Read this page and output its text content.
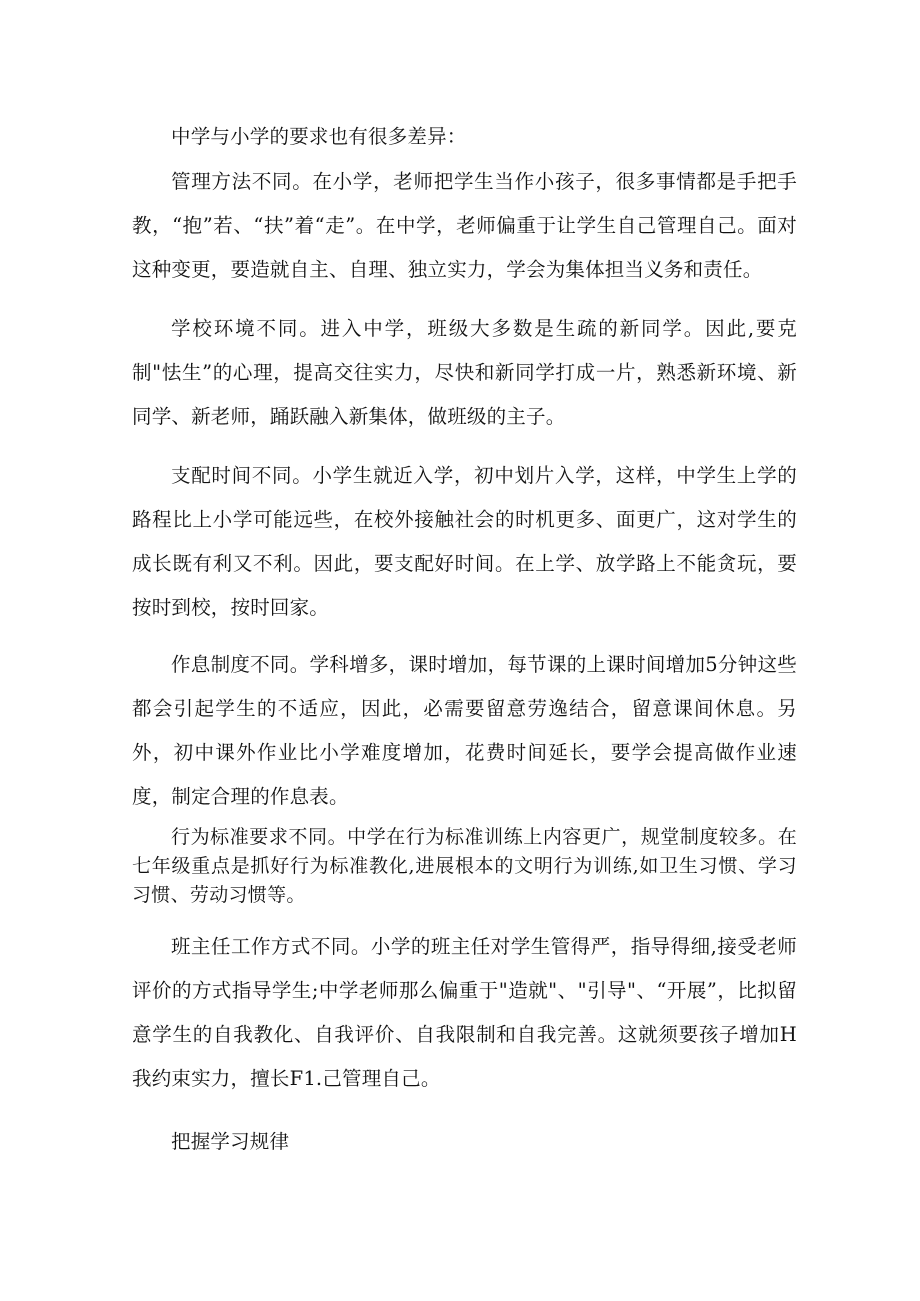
中学与小学的要求也有很多差异：

管理方法不同。在小学，老师把学生当作小孩子，很多事情都是手把手教，“抱”若、“扶”着“走”。在中学，老师偏重于让学生自己管理自己。面对这种变更，要造就自主、自理、独立实力，学会为集体担当义务和责任。

学校环境不同。进入中学，班级大多数是生疏的新同学。因此,要克制"怯生”的心理，提高交往实力，尽快和新同学打成一片，熟悉新环境、新同学、新老师，踊跃融入新集体，做班级的主子。

支配时间不同。小学生就近入学，初中划片入学，这样，中学生上学的路程比上小学可能远些，在校外接触社会的时机更多、面更广，这对学生的成长既有利又不利。因此，要支配好时间。在上学、放学路上不能贪玩，要按时到校，按时回家。

作息制度不同。学科增多，课时增加，每节课的上课时间增加5分钟这些都会引起学生的不适应，因此，必需要留意劳逸结合，留意课间休息。另外，初中课外作业比小学难度增加，花费时间延长，要学会提高做作业速度，制定合理的作息表。

行为标准要求不同。中学在行为标准训练上内容更广，规堂制度较多。在七年级重点是抓好行为标准教化,进展根本的文明行为训练,如卫生习惯、学习习惯、劳动习惯等。

班主任工作方式不同。小学的班主任对学生管得严，指导得细,接受老师评价的方式指导学生;中学老师那么偏重于"造就"、"引导"、“开展”，比拟留意学生的自我教化、自我评价、自我限制和自我完善。这就须要孩子增加H我约束实力，擅长F1.己管理自己。

把握学习规律
